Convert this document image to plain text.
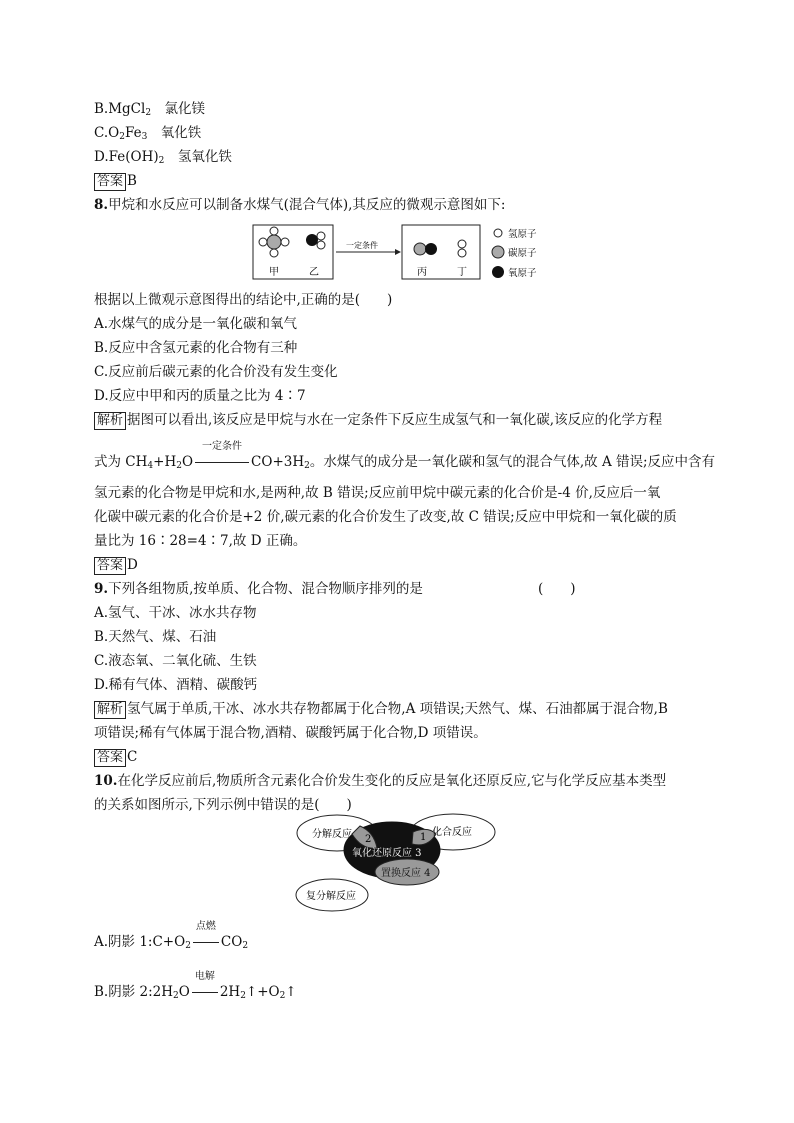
B.MgCl$_2$　氯化镁
$C.O_2Fe_3$　氧化铁
$D.Fe(OH)_2$　氢氧化铁
答案 B
8.甲烷和水反应可以制备水煤气(混合气体),其反应的微观示意图如下:
甲	乙
一定条件
丙	丁
氢原子
碳原子
氧原子
根据以上微观示意图得出的结论中,正确的是(　　)
A.水煤气的成分是一氧化碳和氧气
B.反应中含氢元素的化合物有三种
C.反应前后碳元素的化合价没有发生变化
D.反应中甲和丙的质量之比为 4∶7
解析 据图可以看出,该反应是甲烷与水在一定条件下反应生成氢气和一氧化碳,该反应的化学方程
式为 $CH_4+H_2O$
一定条件
$CO+3H_2$。水煤气的成分是一氧化碳和氢气的混合气体,故 A 错误;反应中含有
氢元素的化合物是甲烷和水,是两种,故 B 错误;反应前甲烷中碳元素的化合价是-4 价,反应后一氧
化碳中碳元素的化合价是+2 价,碳元素的化合价发生了改变,故 C 错误;反应中甲烷和一氧化碳的质
量比为 16∶28=4∶7,故 D 正确。
答案 D
9.下列各组物质,按单质、化合物、混合物顺序排列的是	(　　)
A.氢气、干冰、冰水共存物
B.天然气、煤、石油
C.液态氧、二氧化硫、生铁
D.稀有气体、酒精、碳酸钙
解析 氢气属于单质,干冰、冰水共存物都属于化合物,A 项错误;天然气、煤、石油都属于混合物,B
项错误;稀有气体属于混合物,酒精、碳酸钙属于化合物,D 项错误。
答案 C
10.在化学反应前后,物质所含元素化合价发生变化的反应是氧化还原反应,它与化学反应基本类型
的关系如图所示,下列示例中错误的是(　　)
分解反应	化合反应
2	1
氧化还原反应 3
置换反应 4
复分解反应
A.阴影 $1:C+O_2$
点燃
$CO_2$
B.阴影 $2:2H_2O$
电解
$2H_2↑+O_2↑$
